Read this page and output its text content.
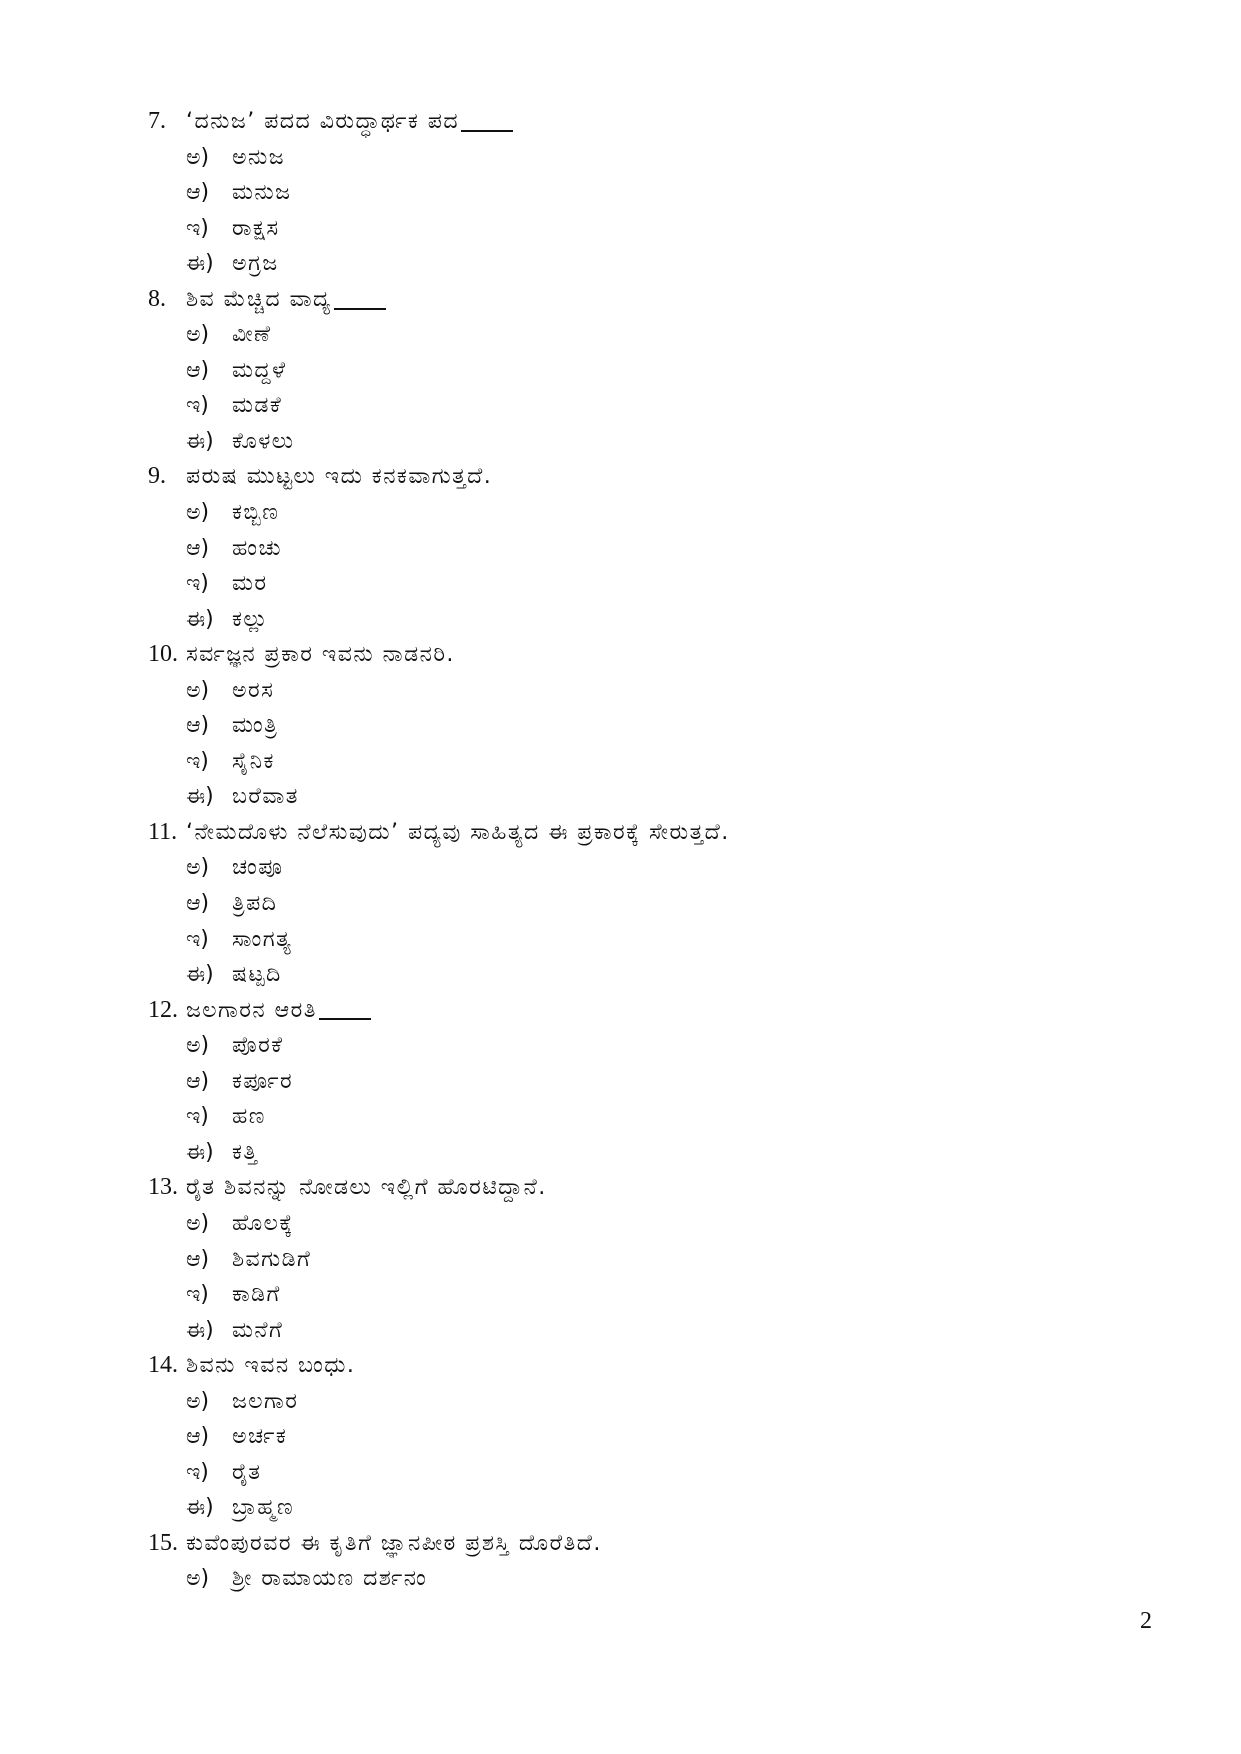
7. ‘ದನುಜ’ ಪದದ ವಿರುದ್ಧಾರ್ಥಕ ಪದ
ಅ)	ಅನುಜ
ಆ)	ಮನುಜ
ಇ)	ರಾಕ್ಷಸ
ಈ) ಅಗ್ರಜ
8. ಶಿವ ಮೆಚ್ಚಿದ ವಾದ್ಯ
ಅ)	ವೀಣೆ
ಆ)	ಮದ್ದಳೆ
ಇ)	ಮಡಕೆ
ಈ) ಕೊಳಲು
9. ಪರುಷ ಮುಟ್ಟಲು ಇದು ಕನಕವಾಗುತ್ತದೆ.
ಅ)	ಕಬ್ಬಿಣ
ಆ)	ಹಂಚು
ಇ)	ಮರ
ಈ) ಕಲ್ಲು
10. ಸರ್ವಜ್ಞನ ಪ್ರಕಾರ ಇವನು ನಾಡನರಿ.
ಅ)	ಅರಸ
ಆ)	ಮಂತ್ರಿ
ಇ)	ಸೈನಿಕ
ಈ) ಬರೆವಾತ
11. ‘ನೇಮದೊಳು ನೆಲೆಸುವುದು’ ಪದ್ಯವು ಸಾಹಿತ್ಯದ ಈ ಪ್ರಕಾರಕ್ಕೆ ಸೇರುತ್ತದೆ.
ಅ)	ಚಂಪೂ
ಆ)	ತ್ರಿಪದಿ
ಇ)	ಸಾಂಗತ್ಯ
ಈ) ಷಟ್ಪದಿ
12. ಜಲಗಾರನ ಆರತಿ
ಅ)	ಪೊರಕೆ
ಆ)	ಕರ್ಪೂರ
ಇ)	ಹಣ
ಈ) ಕತ್ತಿ
13. ರೈತ ಶಿವನನ್ನು ನೋಡಲು ಇಲ್ಲಿಗೆ ಹೊರಟಿದ್ದಾನೆ.
ಅ)	ಹೊಲಕ್ಕೆ
ಆ)	ಶಿವಗುಡಿಗೆ
ಇ)	ಕಾಡಿಗೆ
ಈ) ಮನೆಗೆ
14. ಶಿವನು ಇವನ ಬಂಧು.
ಅ)	ಜಲಗಾರ
ಆ)	ಅರ್ಚಕ
ಇ)	ರೈತ
ಈ) ಬ್ರಾಹ್ಮಣ
15. ಕುವೆಂಪುರವರ ಈ ಕೃತಿಗೆ ಜ್ಞಾನಪೀಠ ಪ್ರಶಸ್ತಿ ದೊರೆತಿದೆ.
ಅ)	ಶ್ರೀ ರಾಮಾಯಣ ದರ್ಶನಂ
2
